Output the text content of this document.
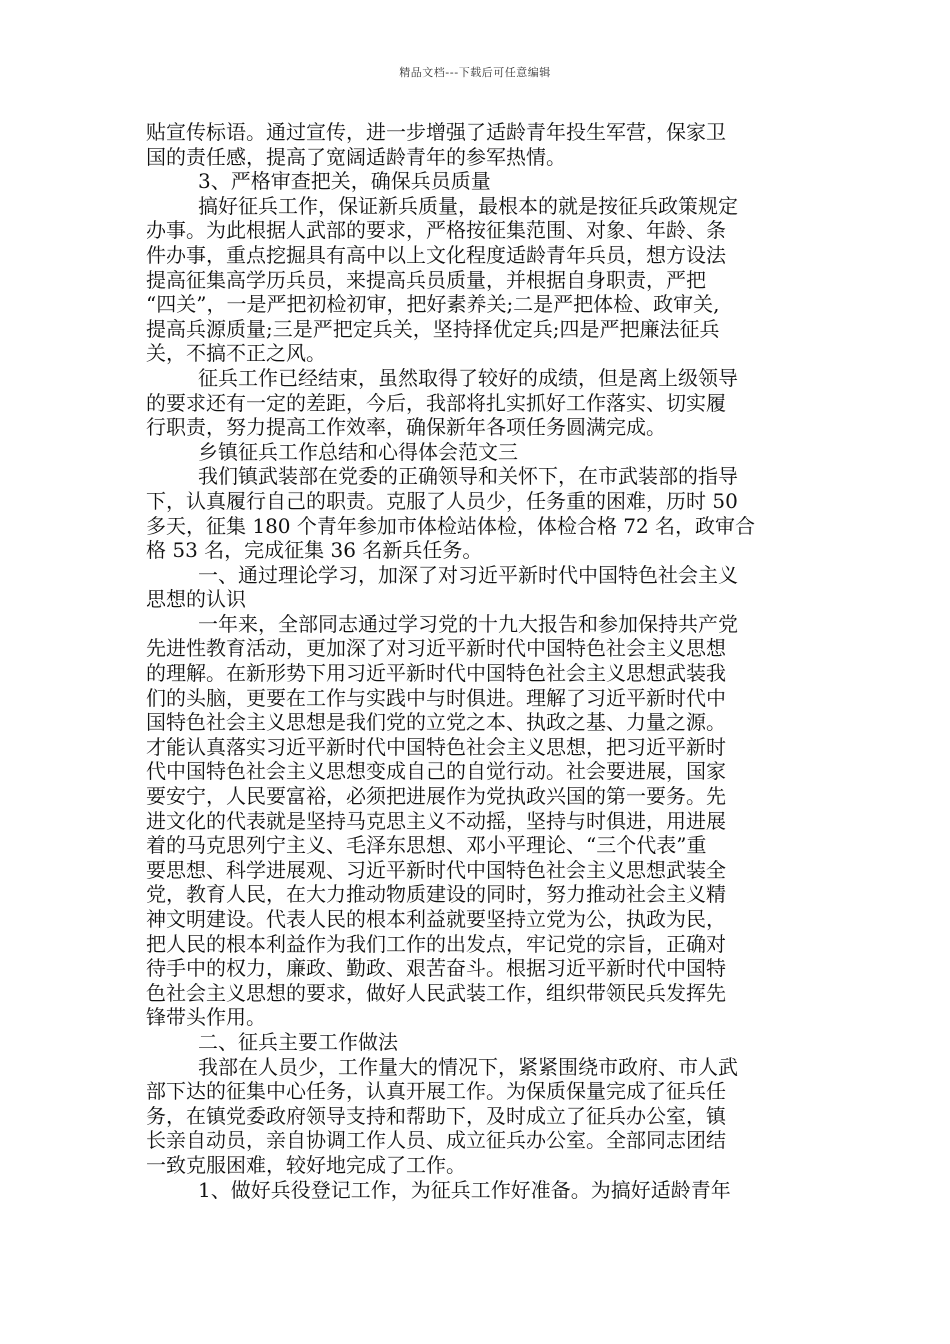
精品文档---下载后可任意编辑
贴宣传标语。通过宣传，进一步增强了适龄青年投生军营，保家卫
国的责任感，提高了宽阔适龄青年的参军热情。
3、严格审查把关，确保兵员质量
搞好征兵工作，保证新兵质量，最根本的就是按征兵政策规定
办事。为此根据人武部的要求，严格按征集范围、对象、年龄、条
件办事，重点挖掘具有高中以上文化程度适龄青年兵员，想方设法
提高征集高学历兵员，来提高兵员质量，并根据自身职责，严把
“四关”，一是严把初检初审，把好素养关;二是严把体检、政审关,
提高兵源质量;三是严把定兵关，坚持择优定兵;四是严把廉法征兵
关，不搞不正之风。
征兵工作已经结束，虽然取得了较好的成绩，但是离上级领导
的要求还有一定的差距，今后，我部将扎实抓好工作落实、切实履
行职责，努力提高工作效率，确保新年各项任务圆满完成。
乡镇征兵工作总结和心得体会范文三
我们镇武装部在党委的正确领导和关怀下，在市武装部的指导
下，认真履行自己的职责。克服了人员少，任务重的困难，历时 50
多天，征集 180 个青年参加市体检站体检，体检合格 72 名，政审合
格 53 名，完成征集 36 名新兵任务。
一、通过理论学习，加深了对习近平新时代中国特色社会主义
思想的认识
一年来，全部同志通过学习党的十九大报告和参加保持共产党
先进性教育活动，更加深了对习近平新时代中国特色社会主义思想
的理解。在新形势下用习近平新时代中国特色社会主义思想武装我
们的头脑，更要在工作与实践中与时俱进。理解了习近平新时代中
国特色社会主义思想是我们党的立党之本、执政之基、力量之源。
才能认真落实习近平新时代中国特色社会主义思想，把习近平新时
代中国特色社会主义思想变成自己的自觉行动。社会要进展，国家
要安宁，人民要富裕，必须把进展作为党执政兴国的第一要务。先
进文化的代表就是坚持马克思主义不动摇，坚持与时俱进，用进展
着的马克思列宁主义、毛泽东思想、邓小平理论、“三个代表”重
要思想、科学进展观、习近平新时代中国特色社会主义思想武装全
党，教育人民，在大力推动物质建设的同时，努力推动社会主义精
神文明建设。代表人民的根本利益就要坚持立党为公，执政为民，
把人民的根本利益作为我们工作的出发点，牢记党的宗旨，正确对
待手中的权力，廉政、勤政、艰苦奋斗。根据习近平新时代中国特
色社会主义思想的要求，做好人民武装工作，组织带领民兵发挥先
锋带头作用。
二、征兵主要工作做法
我部在人员少，工作量大的情况下，紧紧围绕市政府、市人武
部下达的征集中心任务，认真开展工作。为保质保量完成了征兵任
务，在镇党委政府领导支持和帮助下，及时成立了征兵办公室，镇
长亲自动员，亲自协调工作人员、成立征兵办公室。全部同志团结
一致克服困难，较好地完成了工作。
1、做好兵役登记工作，为征兵工作好准备。为搞好适龄青年
